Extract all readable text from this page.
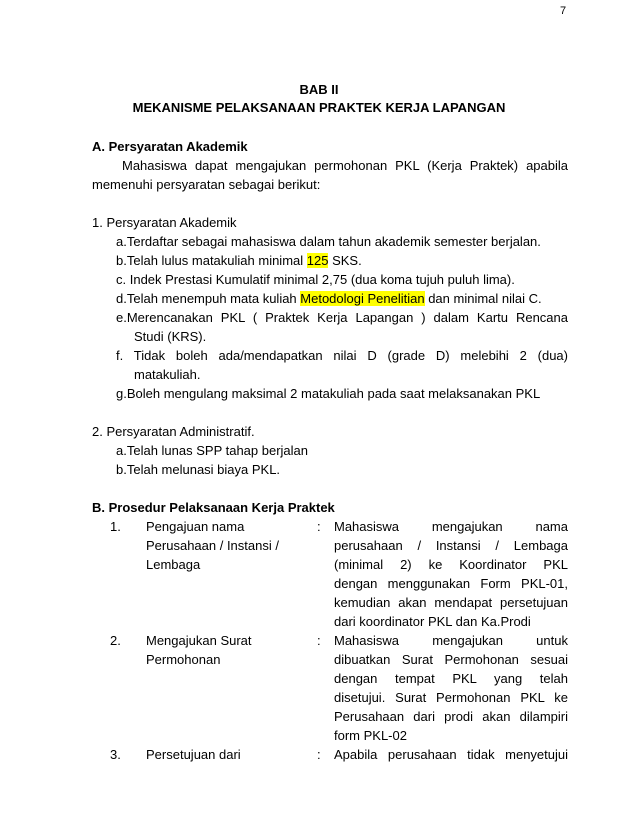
7
BAB II
MEKANISME PELAKSANAAN PRAKTEK KERJA LAPANGAN
A. Persyaratan Akademik
Mahasiswa dapat mengajukan permohonan PKL (Kerja Praktek) apabila
memenuhi persyaratan sebagai berikut:
1. Persyaratan Akademik
a.Terdaftar sebagai mahasiswa dalam tahun akademik semester berjalan.
b.Telah lulus matakuliah minimal 125 SKS.
c. Indek Prestasi Kumulatif minimal 2,75 (dua koma tujuh puluh lima).
d.Telah menempuh mata kuliah Metodologi Penelitian dan minimal nilai C.
e.Merencanakan PKL ( Praktek Kerja Lapangan ) dalam Kartu Rencana
Studi (KRS).
f. Tidak boleh ada/mendapatkan nilai D (grade D) melebihi 2 (dua)
matakuliah.
g.Boleh mengulang maksimal 2 matakuliah pada saat melaksanakan PKL
2. Persyaratan Administratif.
a.Telah lunas SPP tahap berjalan
b.Telah melunasi biaya PKL.
B. Prosedur Pelaksanaan Kerja Praktek
1. Pengajuan nama
Perusahaan / Instansi /
Lembaga
: Mahasiswa mengajukan nama
perusahaan / Instansi / Lembaga
(minimal 2) ke Koordinator PKL
dengan menggunakan Form PKL-01,
kemudian akan mendapat persetujuan
dari koordinator PKL dan Ka.Prodi
2. Mengajukan Surat
Permohonan
: Mahasiswa mengajukan untuk
dibuatkan Surat Permohonan sesuai
dengan tempat PKL yang telah
disetujui. Surat Permohonan PKL ke
Perusahaan dari prodi akan dilampiri
form PKL-02
3. Persetujuan dari	: Apabila perusahaan tidak menyetujui
